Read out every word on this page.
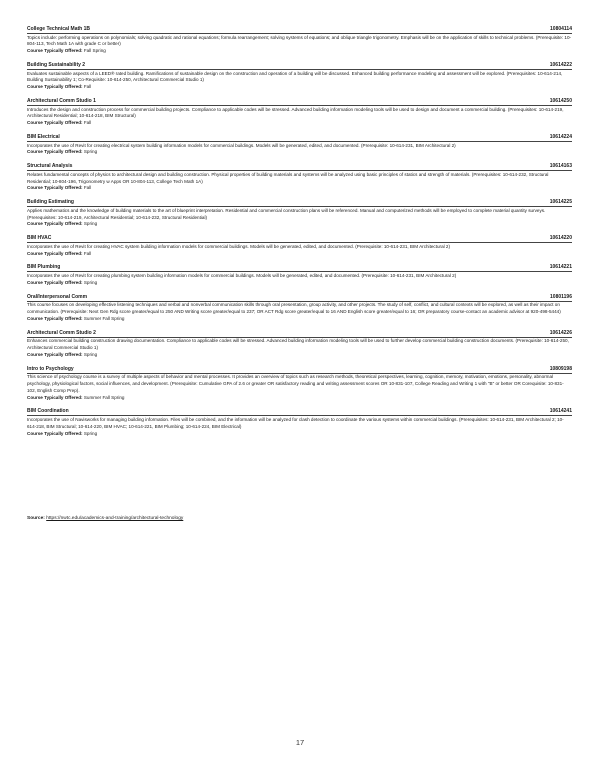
College Technical Math 1B	10804114
Topics include: performing operations on polynomials; solving quadratic and rational equations; formula rearrangement; solving systems of equations; and oblique triangle trigonometry. Emphasis will be on the application of skills to technical problems. (Prerequisite: 10-804-113, Tech Math 1A with grade C or better)
Course Typically Offered: Fall Spring
Building Sustainability 2	10614222
Evaluates sustainable aspects of a LEED® rated building. Ramifications of sustainable design on the construction and operation of a building will be discussed. Enhanced building performance modeling and assessment will be explored. (Prerequisites: 10-614-214, Building Sustainability 1; Co-Requisite: 10-614-250, Architectural Commercial Studio 1)
Course Typically Offered: Fall
Architectural Comm Studio 1	10614250
Introduces the design and construction process for commercial building projects. Compliance to applicable codes will be stressed. Advanced building information modeling tools will be used to design and document a commercial building. (Prerequisites: 10-614-219, Architectural Residential; 10-614-218, BIM Structural)
Course Typically Offered: Fall
BIM Electrical	10614224
Incorporates the use of Revit for creating electrical system building information models for commercial buildings. Models will be generated, edited, and documented. (Prerequisite: 10-614-231, BIM Architectural 2)
Course Typically Offered: Spring
Structural Analysis	10614163
Relates fundamental concepts of physics to architectural design and building construction. Physical properties of building materials and systems will be analyzed using basic principles of statics and strength of materials. (Prerequisites: 10-614-232, Structural Residential; 10-804-196, Trigonometry w Apps OR 10-804-113, College Tech Math 1A)
Course Typically Offered: Fall
Building Estimating	10614225
Applies mathematics and the knowledge of building materials to the art of blueprint interpretation. Residential and commercial construction plans will be referenced. Manual and computerized methods will be employed to complete material quantity surveys. (Prerequisites: 10-614-219, Architectural Residential; 10-614-232, Structural Residential)
Course Typically Offered: Spring
BIM HVAC	10614220
Incorporates the use of Revit for creating HVAC system building information models for commercial buildings. Models will be generated, edited, and documented. (Prerequisite: 10-614-231, BIM Architectural 2)
Course Typically Offered: Fall
BIM Plumbing	10614221
Incorporates the use of Revit for creating plumbing system building information models for commercial buildings. Models will be generated, edited, and documented. (Prerequisite: 10-614-231, BIM Architectural 2)
Course Typically Offered: Spring
Oral/Interpersonal Comm	10801196
This course focuses on developing effective listening techniques and verbal and nonverbal communication skills through oral presentation, group activity, and other projects. The study of self, conflict, and cultural contexts will be explored, as well as their impact on communication. (Prerequisite: Next Gen Rdg score greater/equal to 250 AND Writing score greater/equal to 237; OR ACT Rdg score greater/equal to 16 AND English score greater/equal to 16; OR preparatory course-contact an academic advisor at 920-498-5444)
Course Typically Offered: Summer Fall Spring
Architectural Comm Studio 2	10614226
Enhances commercial building construction drawing documentation. Compliance to applicable codes will be stressed. Advanced building information modeling tools will be used to further develop commercial building construction documents. (Prerequisite: 10-614-250, Architectural Commercial Studio 1)
Course Typically Offered: Spring
Intro to Psychology	10809198
This science of psychology course is a survey of multiple aspects of behavior and mental processes. It provides an overview of topics such as research methods, theoretical perspectives, learning, cognition, memory, motivation, emotions, personality, abnormal psychology, physiological factors, social influences, and development. (Prerequisite: Cumulative GPA of 2.6 or greater OR satisfactory reading and writing assessment scores OR 10-831-107, College Reading and Writing 1 with "B" or better OR Corequisite: 10-831-102, English Comp Prep).
Course Typically Offered: Summer Fall Spring
BIM Coordination	10614241
Incorporates the use of Navisworks for managing building information. Files will be combined, and the information will be analyzed for clash detection to coordinate the various systems within commercial buildings. (Prerequisites: 10-614-231, BIM Architectural 2; 10-614-218, BIM Structural; 10-614-220, BIM HVAC; 10-614-221, BIM Plumbing; 10-614-224, BIM Electrical)
Course Typically Offered: Spring
Source: https://nwtc.edu/academics-and-training/architectural-technology
17
